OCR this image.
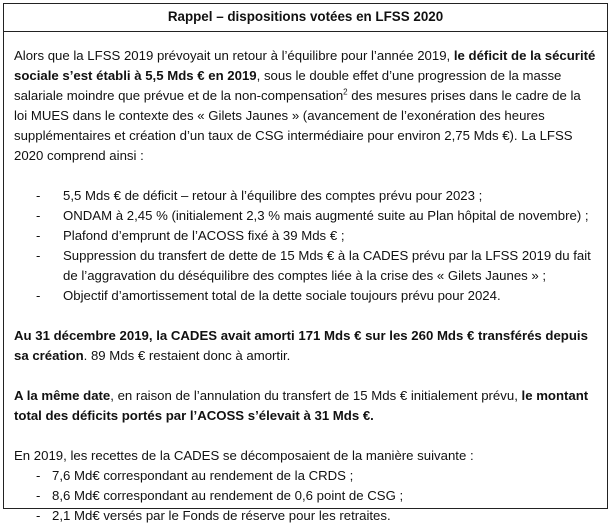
Rappel – dispositions votées en LFSS 2020

Alors que la LFSS 2019 prévoyait un retour à l’équilibre pour l’année 2019, le déficit de la sécurité sociale s’est établi à 5,5 Mds € en 2019, sous le double effet d’une progression de la masse salariale moindre que prévue et de la non-compensation$^2$ des mesures prises dans le cadre de la loi MUES dans le contexte des « Gilets Jaunes » (avancement de l’exonération des heures supplémentaires et création d’un taux de CSG intermédiaire pour environ 2,75 Mds €). La LFSS 2020 comprend ainsi :

- 5,5 Mds € de déficit – retour à l’équilibre des comptes prévu pour 2023 ;
- ONDAM à 2,45 % (initialement 2,3 % mais augmenté suite au Plan hôpital de novembre) ;
- Plafond d’emprunt de l’ACOSS fixé à 39 Mds € ;
- Suppression du transfert de dette de 15 Mds € à la CADES prévu par la LFSS 2019 du fait de l’aggravation du déséquilibre des comptes liée à la crise des « Gilets Jaunes » ;
- Objectif d’amortissement total de la dette sociale toujours prévu pour 2024.

Au 31 décembre 2019, la CADES avait amorti 171 Mds € sur les 260 Mds € transférés depuis sa création. 89 Mds € restaient donc à amortir.

A la même date, en raison de l’annulation du transfert de 15 Mds € initialement prévu, le montant total des déficits portés par l’ACOSS s’élevait à 31 Mds €.

En 2019, les recettes de la CADES se décomposaient de la manière suivante :

- 7,6 Md€ correspondant au rendement de la CRDS ;
- 8,6 Md€ correspondant au rendement de 0,6 point de CSG ;
- 2,1 Md€ versés par le Fonds de réserve pour les retraites.
